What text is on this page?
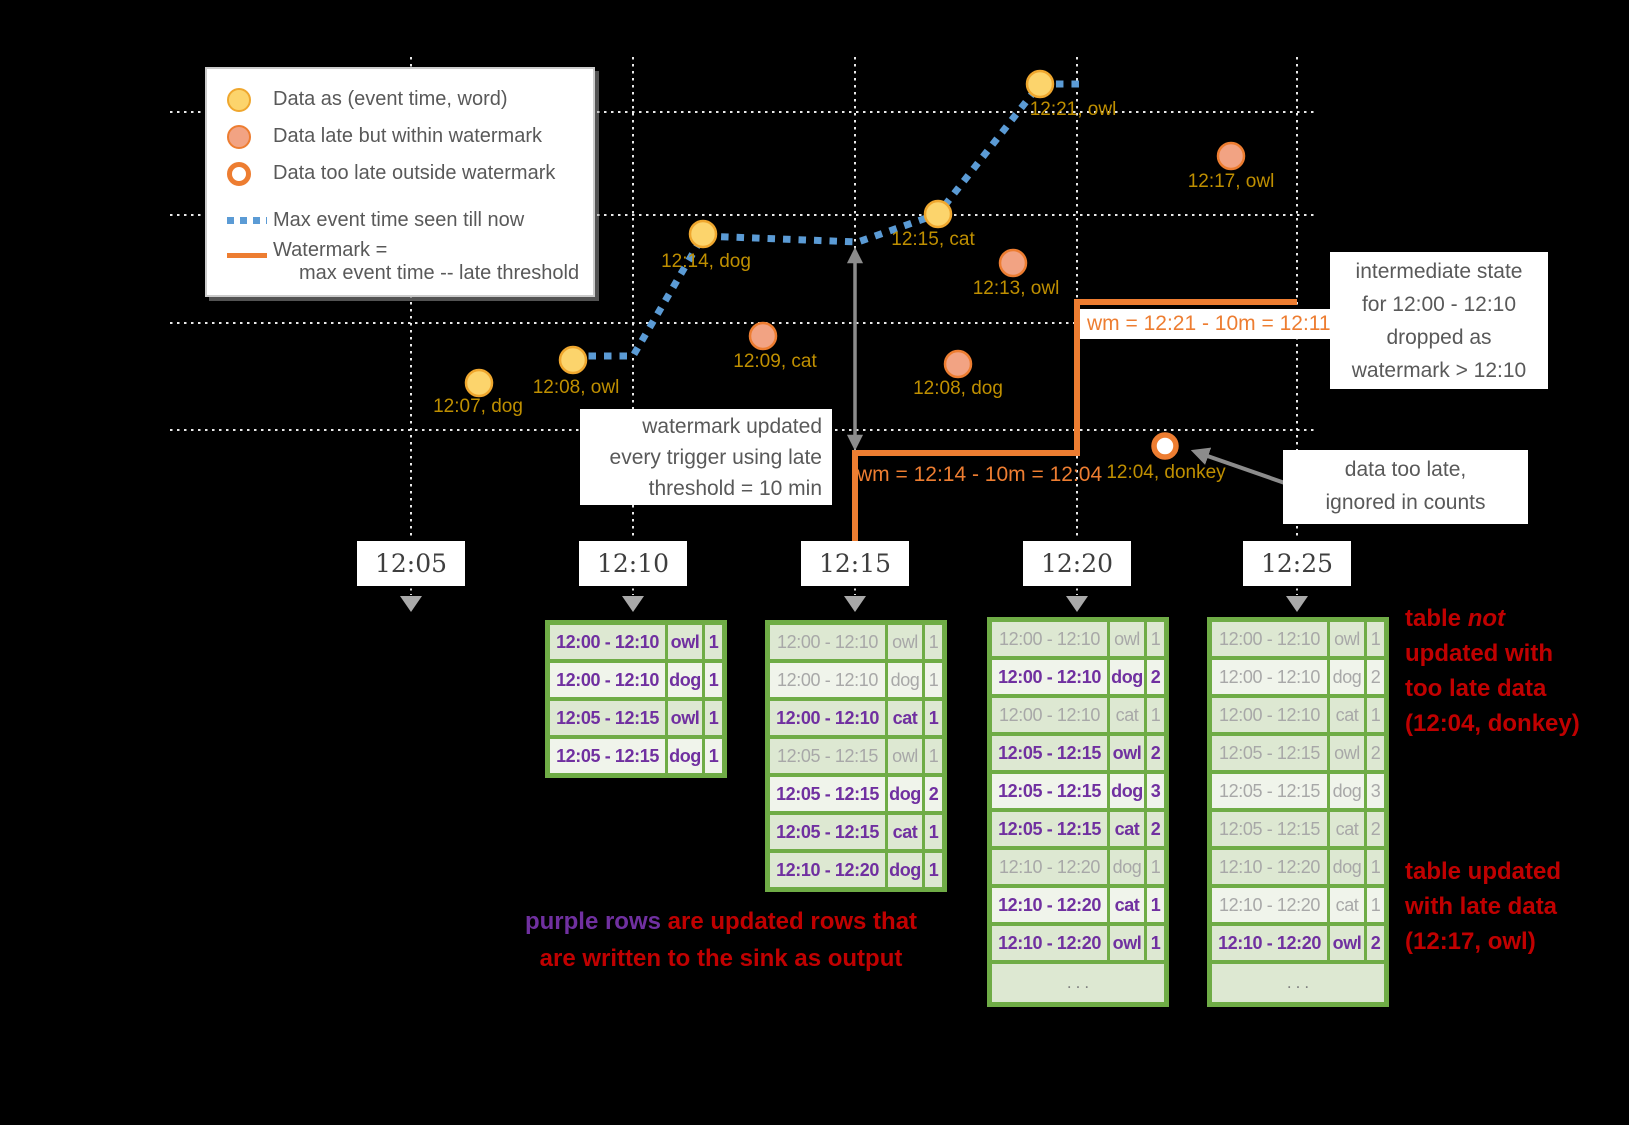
Data as (event time, word)
Data late but within watermark
Data too late outside watermark
Max event time seen till now
Watermark =
max event time -- late threshold
watermark updated
every trigger using late
threshold = 10 min
intermediate state
for 12:00 - 12:10
dropped as
watermark > 12:10
data too late,
ignored in counts
wm = 12:14 - 10m = 12:04
wm = 12:21 - 10m = 12:11
purple rows are updated rows that
are written to the sink as output
table not
updated with
too late data
(12:04, donkey)
table updated
with late data
(12:17, owl)
12:05	12:10	12:15	12:20	12:25
12:07, dog
12:08, owl
12:14, dog
12:09, cat
12:15, cat
12:13, owl
12:08, dog
12:21, owl
12:17, owl
12:04, donkey
12:00 - 12:10 owl 1
12:00 - 12:10 dog 1
12:05 - 12:15 owl 1
12:05 - 12:15 dog 1
12:00 - 12:10 owl 1
12:00 - 12:10 dog 1
12:00 - 12:10 cat 1
12:05 - 12:15 owl 1
12:05 - 12:15 dog 2
12:05 - 12:15 cat 1
12:10 - 12:20 dog 1
12:00 - 12:10 owl 1
12:00 - 12:10 dog 2
12:00 - 12:10 cat 1
12:05 - 12:15 owl 2
12:05 - 12:15 dog 3
12:05 - 12:15 cat 2
12:10 - 12:20 dog 1
12:10 - 12:20 cat 1
12:10 - 12:20 owl 1
...
12:00 - 12:10 owl 1
12:00 - 12:10 dog 2
12:00 - 12:10 cat 1
12:05 - 12:15 owl 2
12:05 - 12:15 dog 3
12:05 - 12:15 cat 2
12:10 - 12:20 dog 1
12:10 - 12:20 cat 1
12:10 - 12:20 owl 2
...
